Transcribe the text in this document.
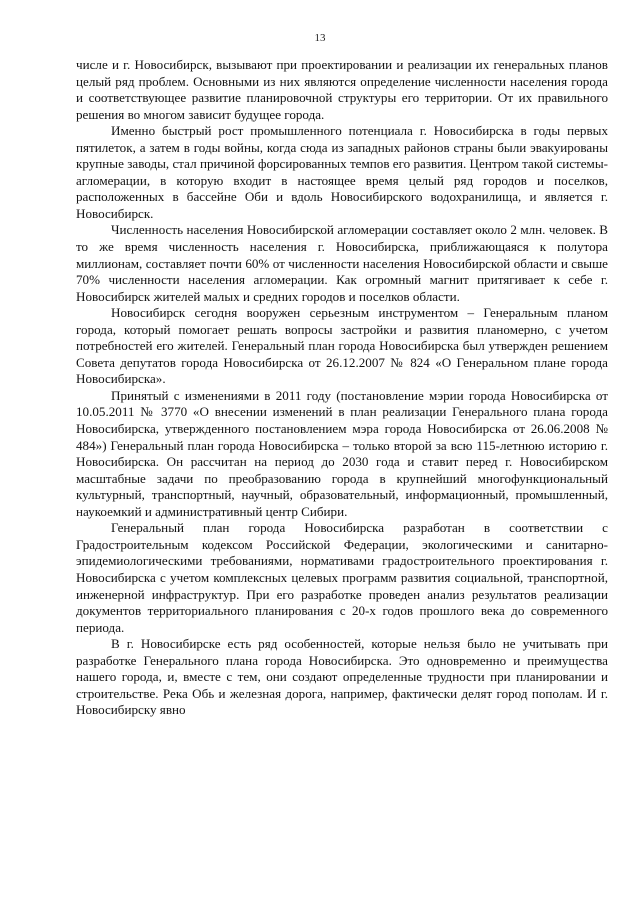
13

числе и г. Новосибирск, вызывают при проектировании и реализации их генеральных планов целый ряд проблем. Основными из них являются определение численности населения города и соответствующее развитие планировочной структуры его территории. От их правильного решения во многом зависит будущее города.

Именно быстрый рост промышленного потенциала г. Новосибирска в годы первых пятилеток, а затем в годы войны, когда сюда из западных районов страны были эвакуированы крупные заводы, стал причиной форсированных темпов его развития. Центром такой системы-агломерации, в которую входит в настоящее время целый ряд городов и поселков, расположенных в бассейне Оби и вдоль Новосибирского водохранилища, и является г. Новосибирск.

Численность населения Новосибирской агломерации составляет около 2 млн. человек. В то же время численность населения г. Новосибирска, приближающаяся к полутора миллионам, составляет почти 60% от численности населения Новосибирской области и свыше 70% численности населения агломерации. Как огромный магнит притягивает к себе г. Новосибирск жителей малых и средних городов и поселков области.

Новосибирск сегодня вооружен серьезным инструментом – Генеральным планом города, который помогает решать вопросы застройки и развития планомерно, с учетом потребностей его жителей. Генеральный план города Новосибирска был утвержден решением Совета депутатов города Новосибирска от 26.12.2007 № 824 «О Генеральном плане города Новосибирска».

Принятый с изменениями в 2011 году (постановление мэрии города Новосибирска от 10.05.2011 № 3770 «О внесении изменений в план реализации Генерального плана города Новосибирска, утвержденного постановлением мэра города Новосибирска от 26.06.2008 № 484») Генеральный план города Новосибирска – только второй за всю 115-летнюю историю г. Новосибирска. Он рассчитан на период до 2030 года и ставит перед г. Новосибирском масштабные задачи по преобразованию города в крупнейший многофункциональный культурный, транспортный, научный, образовательный, информационный, промышленный, наукоемкий и административный центр Сибири.

Генеральный план города Новосибирска разработан в соответствии с Градостроительным кодексом Российской Федерации, экологическими и санитарно-эпидемиологическими требованиями, нормативами градостроительного проектирования г. Новосибирска с учетом комплексных целевых программ развития социальной, транспортной, инженерной инфраструктур. При его разработке проведен анализ результатов реализации документов территориального планирования с 20-х годов прошлого века до современного периода.

В г. Новосибирске есть ряд особенностей, которые нельзя было не учитывать при разработке Генерального плана города Новосибирска. Это одновременно и преимущества нашего города, и, вместе с тем, они создают определенные трудности при планировании и строительстве. Река Обь и железная дорога, например, фактически делят город пополам. И г. Новосибирску явно
